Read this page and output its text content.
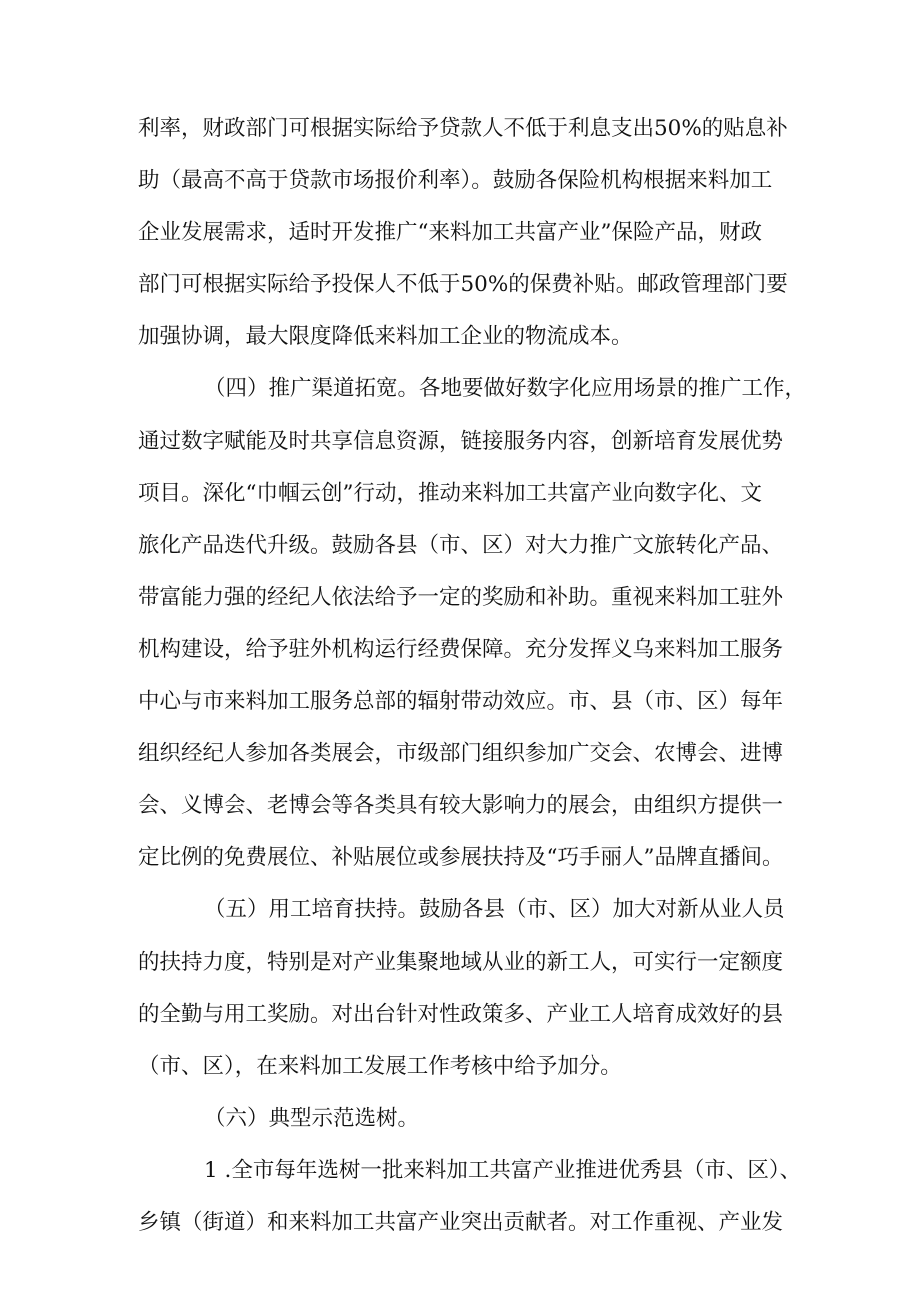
利率，财政部门可根据实际给予贷款人不低于利息支出50%的贴息补
助（最高不高于贷款市场报价利率）。鼓励各保险机构根据来料加工
企业发展需求，适时开发推广“来料加工共富产业”保险产品，财政
部门可根据实际给予投保人不低于50%的保费补贴。邮政管理部门要
加强协调，最大限度降低来料加工企业的物流成本。
（四）推广渠道拓宽。各地要做好数字化应用场景的推广工作，
通过数字赋能及时共享信息资源，链接服务内容，创新培育发展优势
项目。深化“巾帼云创”行动，推动来料加工共富产业向数字化、文
旅化产品迭代升级。鼓励各县（市、区）对大力推广文旅转化产品、
带富能力强的经纪人依法给予一定的奖励和补助。重视来料加工驻外
机构建设，给予驻外机构运行经费保障。充分发挥义乌来料加工服务
中心与市来料加工服务总部的辐射带动效应。市、县（市、区）每年
组织经纪人参加各类展会，市级部门组织参加广交会、农博会、进博
会、义博会、老博会等各类具有较大影响力的展会，由组织方提供一
定比例的免费展位、补贴展位或参展扶持及“巧手丽人”品牌直播间。
（五）用工培育扶持。鼓励各县（市、区）加大对新从业人员
的扶持力度，特别是对产业集聚地域从业的新工人，可实行一定额度
的全勤与用工奖励。对出台针对性政策多、产业工人培育成效好的县
（市、区），在来料加工发展工作考核中给予加分。
（六）典型示范选树。
1 .全市每年选树一批来料加工共富产业推进优秀县（市、区）、
乡镇（街道）和来料加工共富产业突出贡献者。对工作重视、产业发
